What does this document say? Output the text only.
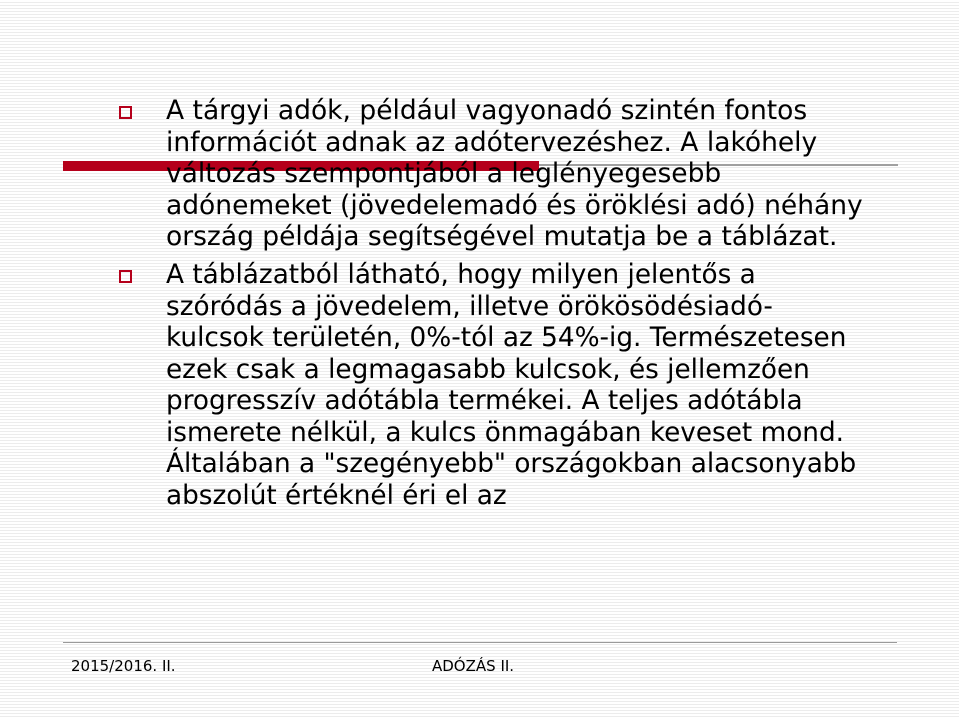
A tárgyi adók, például vagyonadó szintén fontos
információt adnak az adótervezéshez. A lakóhely
változás szempontjából a leglényegesebb
adónemeket (jövedelemadó és öröklési adó) néhány
ország példája segítségével mutatja be a táblázat.

A táblázatból látható, hogy milyen jelentős a
szóródás a jövedelem, illetve örökösödésiadó-
kulcsok területén, 0%-tól az 54%-ig. Természetesen
ezek csak a legmagasabb kulcsok, és jellemzően
progresszív adótábla termékei. A teljes adótábla
ismerete nélkül, a kulcs önmagában keveset mond.
Általában a "szegényebb" országokban alacsonyabb
abszolút értéknél éri el az

2015/2016. II.	ADÓZÁS II.
